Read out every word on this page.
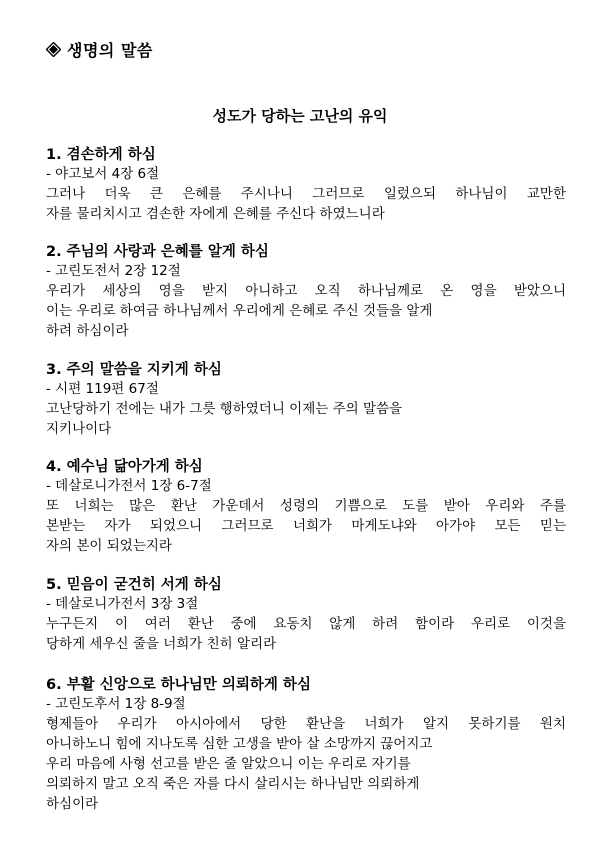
생명의 말씀
성도가 당하는 고난의 유익
1. 겸손하게 하심
- 야고보서 4장 6절
그러나 더욱 큰 은혜를 주시나니 그러므로 일렀으되 하나님이 교만한
자를 물리치시고 겸손한 자에게 은혜를 주신다 하였느니라
2. 주님의 사랑과 은혜를 알게 하심
- 고린도전서 2장 12절
우리가 세상의 영을 받지 아니하고 오직 하나님께로 온 영을 받았으니
이는 우리로 하여금 하나님께서 우리에게 은혜로 주신 것들을 알게
하려 하심이라
3. 주의 말씀을 지키게 하심
- 시편 119편 67절
고난당하기 전에는 내가 그릇 행하였더니 이제는 주의 말씀을
지키나이다
4. 예수님 닮아가게 하심
- 데살로니가전서 1장 6-7절
또 너희는 많은 환난 가운데서 성령의 기쁨으로 도를 받아 우리와 주를
본받는 자가 되었으니 그러므로 너희가 마게도냐와 아가야 모든 믿는
자의 본이 되었는지라
5. 믿음이 굳건히 서게 하심
- 데살로니가전서 3장 3절
누구든지 이 여러 환난 중에 요동치 않게 하려 함이라 우리로 이것을
당하게 세우신 줄을 너희가 친히 알리라
6. 부활 신앙으로 하나님만 의뢰하게 하심
- 고린도후서 1장 8-9절
형제들아 우리가 아시아에서 당한 환난을 너희가 알지 못하기를 원치
아니하노니 힘에 지나도록 심한 고생을 받아 살 소망까지 끊어지고
우리 마음에 사형 선고를 받은 줄 알았으니 이는 우리로 자기를
의뢰하지 말고 오직 죽은 자를 다시 살리시는 하나님만 의뢰하게
하심이라
